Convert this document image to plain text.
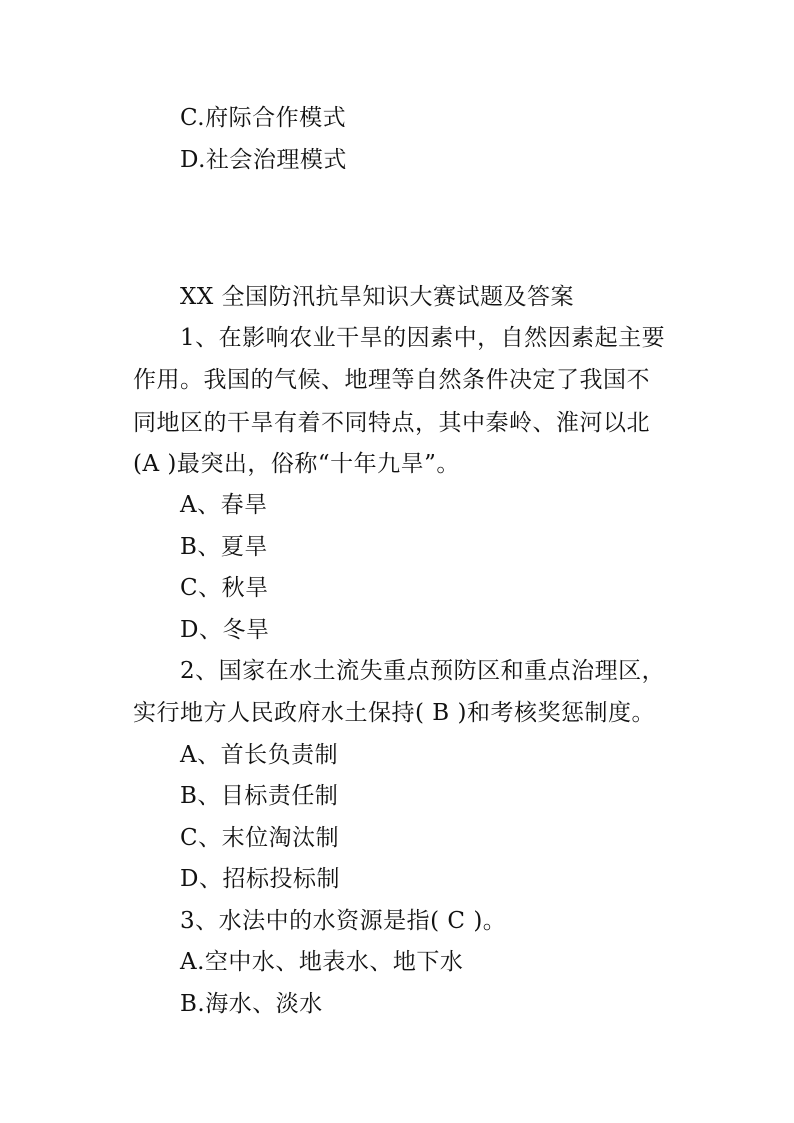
C.府际合作模式
D.社会治理模式
XX 全国防汛抗旱知识大赛试题及答案
1、在影响农业干旱的因素中，自然因素起主要
作用。我国的气候、地理等自然条件决定了我国不
同地区的干旱有着不同特点，其中秦岭、淮河以北
(A )最突出，俗称“十年九旱”。
A、春旱
B、夏旱
C、秋旱
D、冬旱
2、国家在水土流失重点预防区和重点治理区，
实行地方人民政府水土保持( B )和考核奖惩制度。
A、首长负责制
B、目标责任制
C、末位淘汰制
D、招标投标制
3、水法中的水资源是指( C )。
A.空中水、地表水、地下水
B.海水、淡水
